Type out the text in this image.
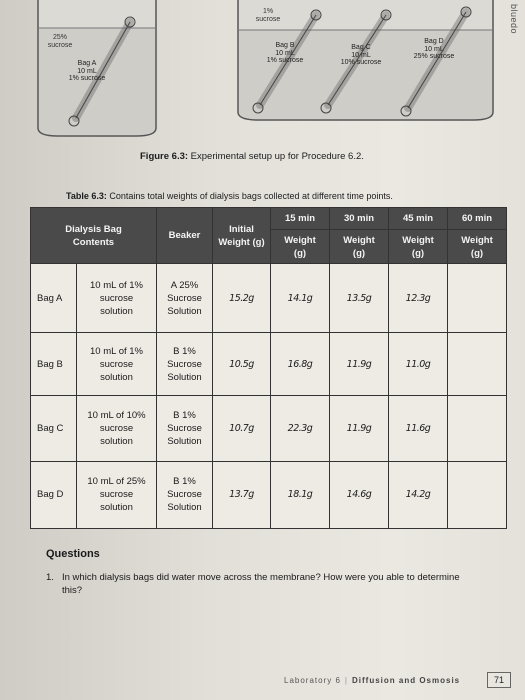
25%
sucrose
1%
sucrose
Bag A
10 mL
1% sucrose
Bag B
10 mL
1% sucrose
Bag C
10 mL
10% sucrose
Bag D
10 mL
25% sucrose
bluedo
Figure 6.3: Experimental setup up for Procedure 6.2.
Table 6.3: Contains total weights of dialysis bags collected at different time points.
Dialysis Bag Contents		Beaker	Initial Weight (g)	15 min	30 min	45 min	60 min
				Weight (g)	Weight (g)	Weight (g)	Weight (g)
Bag A	10 mL of 1% sucrose solution	A 25% Sucrose Solution	15.2g	14.1g	13.5g	12.3g	
Bag B	10 mL of 1% sucrose solution	B 1% Sucrose Solution	10.5g	16.8g	11.9g	11.0g	
Bag C	10 mL of 10% sucrose solution	B 1% Sucrose Solution	10.7g	22.3g	11.9g	11.6g	
Bag D	10 mL of 25% sucrose solution	B 1% Sucrose Solution	13.7g	18.1g	14.6g	14.2g	
Questions
1. In which dialysis bags did water move across the membrane? How were you able to determine this?
Laboratory 6 | Diffusion and Osmosis	71
